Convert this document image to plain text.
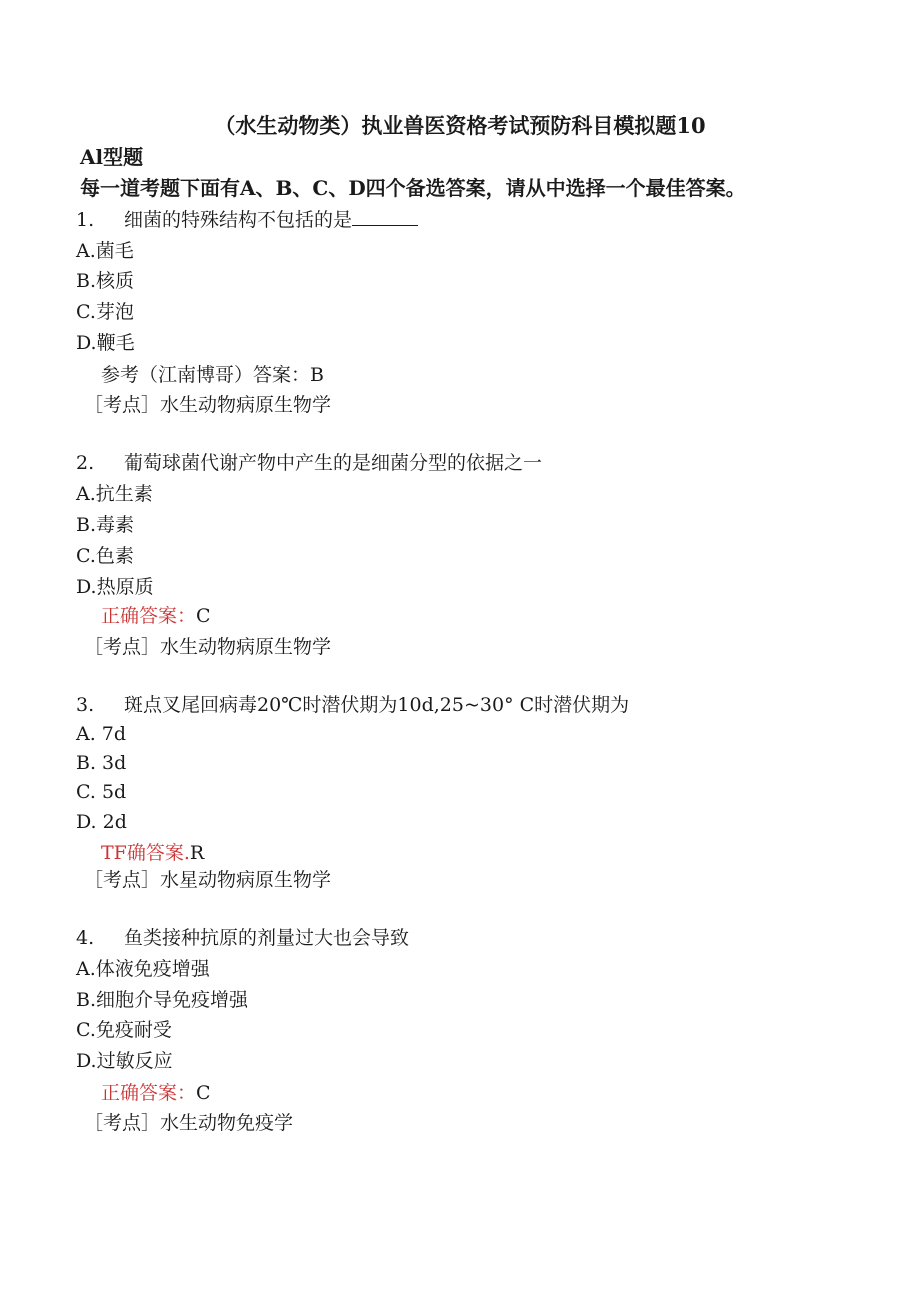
（水生动物类）执业兽医资格考试预防科目模拟题10
Al型题
每一道考题下面有A、B、C、D四个备选答案，请从中选择一个最佳答案。
1. 细菌的特殊结构不包括的是
A.菌毛
B.核质
C.芽泡
D.鞭毛
参考（江南博哥）答案：B
［考点］水生动物病原生物学
2. 葡萄球菌代谢产物中产生的是细菌分型的依据之一
A.抗生素
B.毒素
C.色素
D.热原质
正确答案：C
［考点］水生动物病原生物学
3. 斑点叉尾回病毒20℃时潜伏期为10d,25~30° C时潜伏期为
A. 7d
B. 3d
C. 5d
D. 2d
TF确答案.R
［考点］水星动物病原生物学
4. 鱼类接种抗原的剂量过大也会导致
A.体液免疫增强
B.细胞介导免疫增强
C.免疫耐受
D.过敏反应
正确答案：C
［考点］水生动物免疫学
